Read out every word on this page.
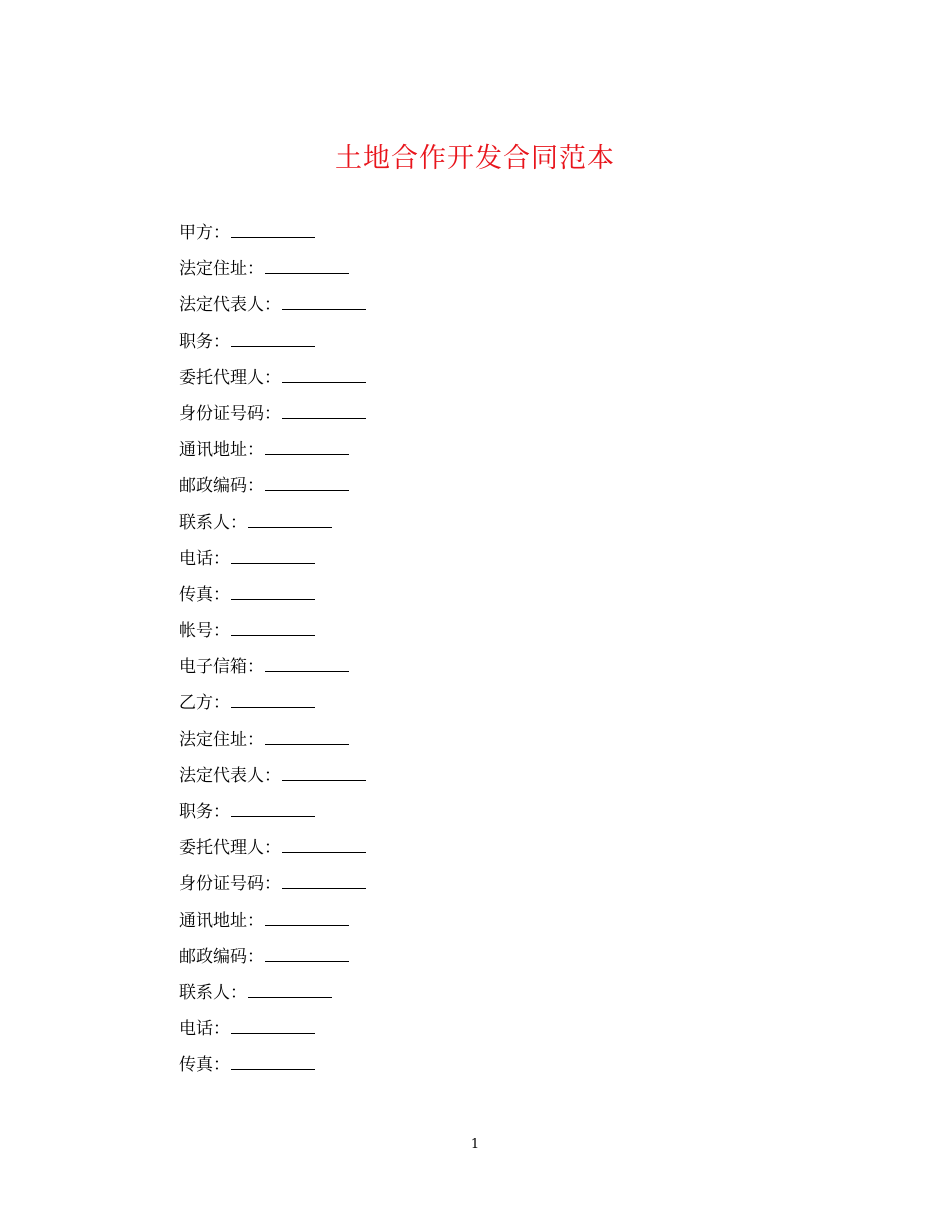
土地合作开发合同范本
甲方：
法定住址：
法定代表人：
职务：
委托代理人：
身份证号码：
通讯地址：
邮政编码：
联系人：
电话：
传真：
帐号：
电子信箱：
乙方：
法定住址：
法定代表人：
职务：
委托代理人：
身份证号码：
通讯地址：
邮政编码：
联系人：
电话：
传真：
1
